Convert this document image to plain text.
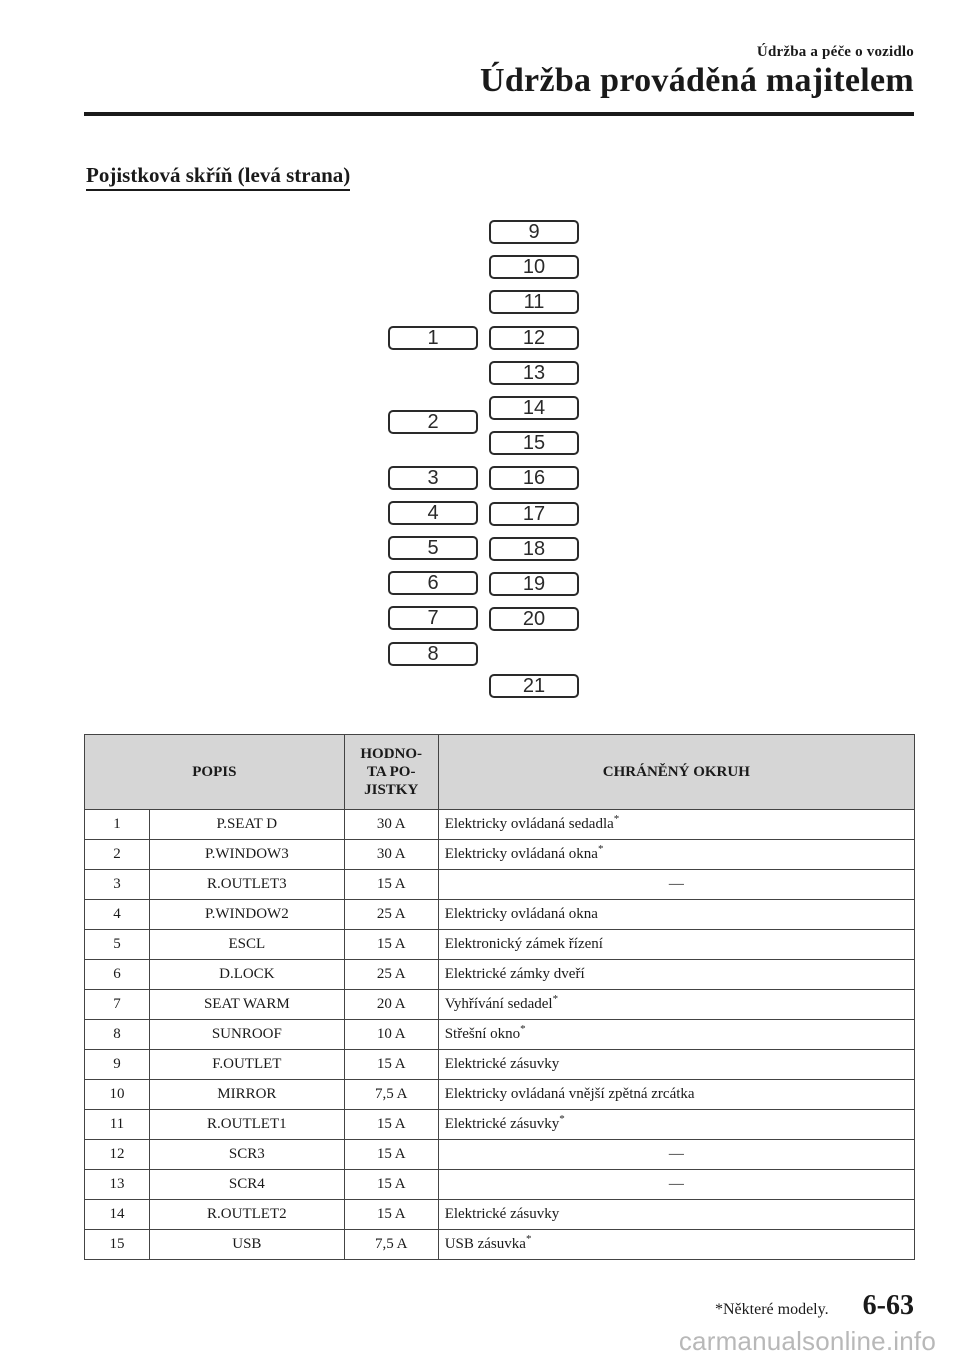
Údržba a péče o vozidlo
Údržba prováděná majitelem
Pojistková skříň (levá strana)
1
2
3
4
5
6
7
8
9
10
11
12
13
14
15
16
17
18
19
20
21
POPIS		HODNO-
TA PO-
JISTKY	CHRÁNĚNÝ OKRUH
1	P.SEAT D	30 A	Elektricky ovládaná sedadla*
2	P.WINDOW3	30 A	Elektricky ovládaná okna*
3	R.OUTLET3	15 A	—
4	P.WINDOW2	25 A	Elektricky ovládaná okna
5	ESCL	15 A	Elektronický zámek řízení
6	D.LOCK	25 A	Elektrické zámky dveří
7	SEAT WARM	20 A	Vyhřívání sedadel*
8	SUNROOF	10 A	Střešní okno*
9	F.OUTLET	15 A	Elektrické zásuvky
10	MIRROR	7,5 A	Elektricky ovládaná vnější zpětná zrcátka
11	R.OUTLET1	15 A	Elektrické zásuvky*
12	SCR3	15 A	—
13	SCR4	15 A	—
14	R.OUTLET2	15 A	Elektrické zásuvky
15	USB	7,5 A	USB zásuvka*
*Některé modely. 6-63
carmanualsonline.info
